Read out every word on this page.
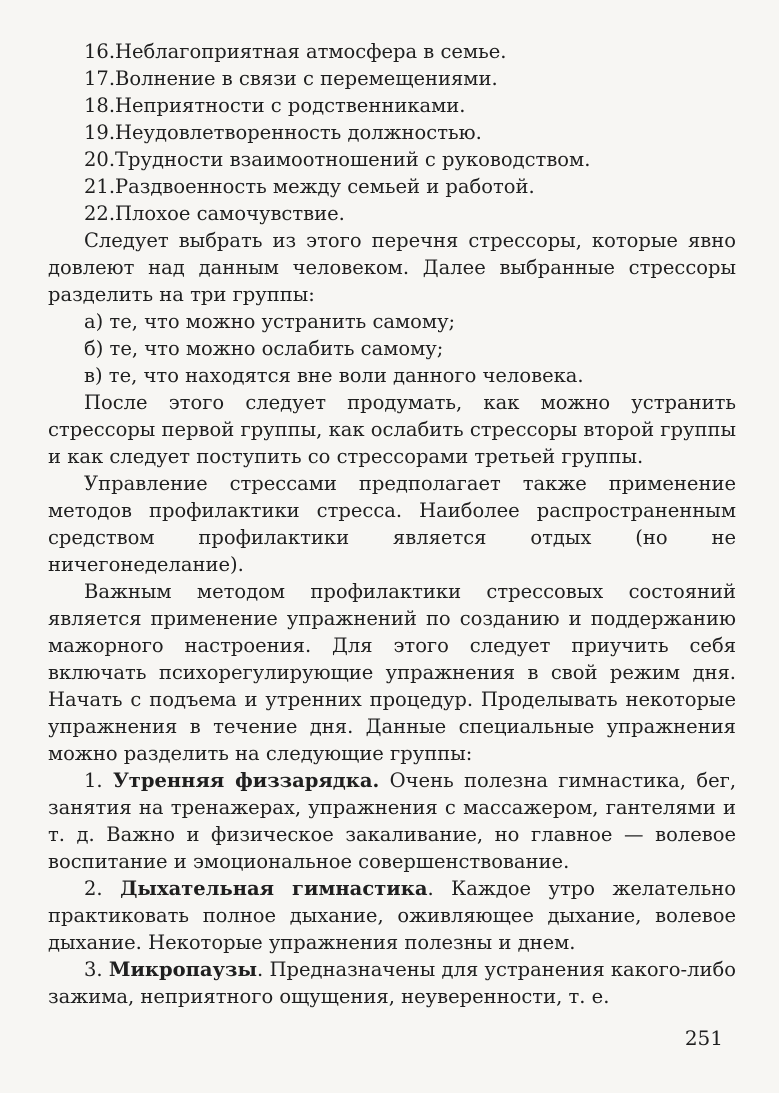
16.Неблагоприятная атмосфера в семье.

17.Волнение в связи с перемещениями.

18.Неприятности с родственниками.

19.Неудовлетворенность должностью.

20.Трудности взаимоотношений с руководством.

21.Раздвоенность между семьей и работой.

22.Плохое самочувствие.

Следует выбрать из этого перечня стрессоры, которые явно довлеют над данным человеком. Далее выбранные стрессоры разделить на три группы:

а) те, что можно устранить самому;

б) те, что можно ослабить самому;

в) те, что находятся вне воли данного человека.

После этого следует продумать, как можно устранить стрессоры первой группы, как ослабить стрессоры второй группы и как следует поступить со стрессорами третьей группы.

Управление стрессами предполагает также применение методов профилактики стресса. Наиболее распространенным средством профилактики является отдых (но не ничегонеделание).

Важным методом профилактики стрессовых состояний является применение упражнений по созданию и поддержанию мажорного настроения. Для этого следует приучить себя включать психорегулирующие упражнения в свой режим дня. Начать с подъема и утренних процедур. Проделывать некоторые упражнения в течение дня. Данные специальные упражнения можно разделить на следующие группы:

1. Утренняя физзарядка. Очень полезна гимнастика, бег, занятия на тренажерах, упражнения с массажером, гантелями и т. д. Важно и физическое закаливание, но главное — волевое воспитание и эмоциональное совершенствование.

2. Дыхательная гимнастика. Каждое утро желательно практиковать полное дыхание, оживляющее дыхание, волевое дыхание. Некоторые упражнения полезны и днем.

3. Микропаузы. Предназначены для устранения какого-либо зажима, неприятного ощущения, неуверенности, т. е.

251
